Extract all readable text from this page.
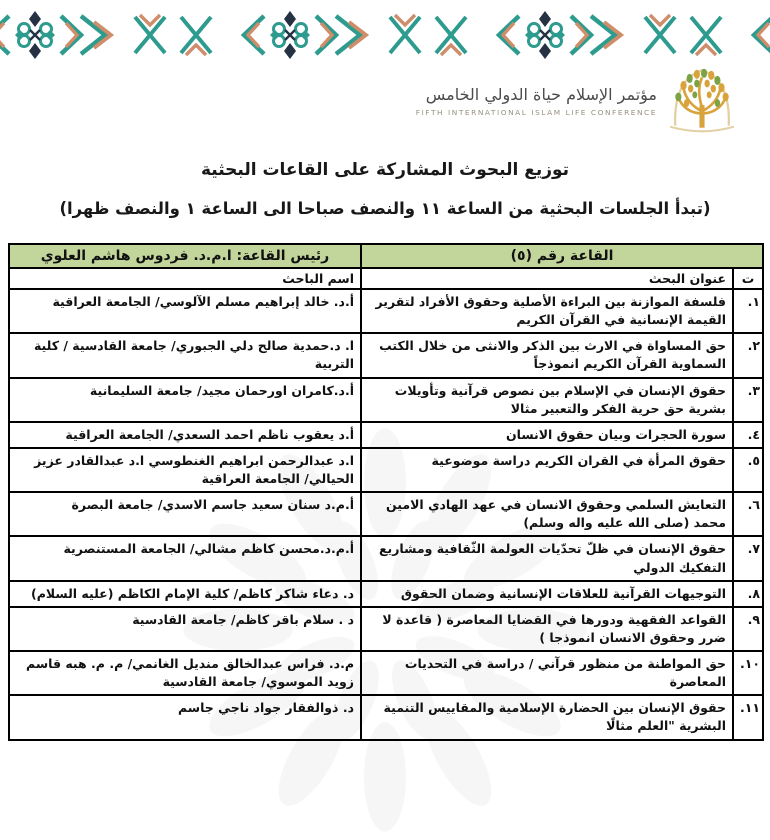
مؤتمر الإسلام حياة الدولي الخامس
FIFTH INTERNATIONAL ISLAM LIFE CONFERENCE
توزيع البحوث المشاركة على القاعات البحثية
(تبدأ الجلسات البحثية من الساعة ١١ والنصف صباحا الى الساعة ١ والنصف ظهرا)
القاعة رقم (٥)		رئيس القاعة: ا.م.د. فردوس هاشم العلوي
ت	عنوان البحث	اسم الباحث
١.	فلسفة الموازنة بين البراءة الأصلية وحقوق الأفراد لتقرير القيمة الإنسانية في القرآن الكريم	أ.د. خالد إبراهيم مسلم الآلوسي/ الجامعة العراقية
٢.	حق المساواة في الارث بين الذكر والانثى من خلال الكتب السماوية القرآن الكريم انموذجاً	ا. د.حمدية صالح دلي الجبوري/ جامعة القادسية / كلية التربية
٣.	حقوق الإنسان في الإسلام بين نصوص قرآنية وتأويلات بشرية حق حرية الفكر والتعبير مثالا	أ.د.كامران اورحمان مجيد/ جامعة السليمانية
٤.	سورة الحجرات وبيان حقوق الانسان	أ.د يعقوب ناظم احمد السعدي/ الجامعة العراقية
٥.	حقوق المرأة في القران الكريم دراسة موضوعية	ا.د عبدالرحمن ابراهيم الغنطوسي ا.د عبدالقادر عزيز الحيالي/ الجامعة العراقية
٦.	التعايش السلمي وحقوق الانسان في عهد الهادي الامين محمد (صلى الله عليه واله وسلم)	أ.م.د سنان سعيد جاسم الاسدي/ جامعة البصرة
٧.	حقوق الإنسان في ظلّ تحدّيات العولمة الثّقافية ومشاريع التفكيك الدولي	أ.م.د.محسن كاظم مشالي/ الجامعة المستنصرية
٨.	التوجيهات القرآنية للعلاقات الإنسانية وضمان الحقوق	د. دعاء شاكر كاظم/ كلية الإمام الكاظم (عليه السلام)
٩.	القواعد الفقهية ودورها في القضايا المعاصرة ( قاعدة لا ضرر وحقوق الانسان انموذجا )	د . سلام باقر كاظم/ جامعة القادسية
١٠.	حق المواطنة من منظور قرآني / دراسة في التحديات المعاصرة	م.د. فراس عبدالخالق منديل الغانمي/ م. م. هبه قاسم زويد الموسوي/ جامعة القادسية
١١.	حقوق الإنسان بين الحضارة الإسلامية والمقاييس التنمية البشرية "العلم مثالًا	د. ذوالفقار جواد ناجي جاسم
